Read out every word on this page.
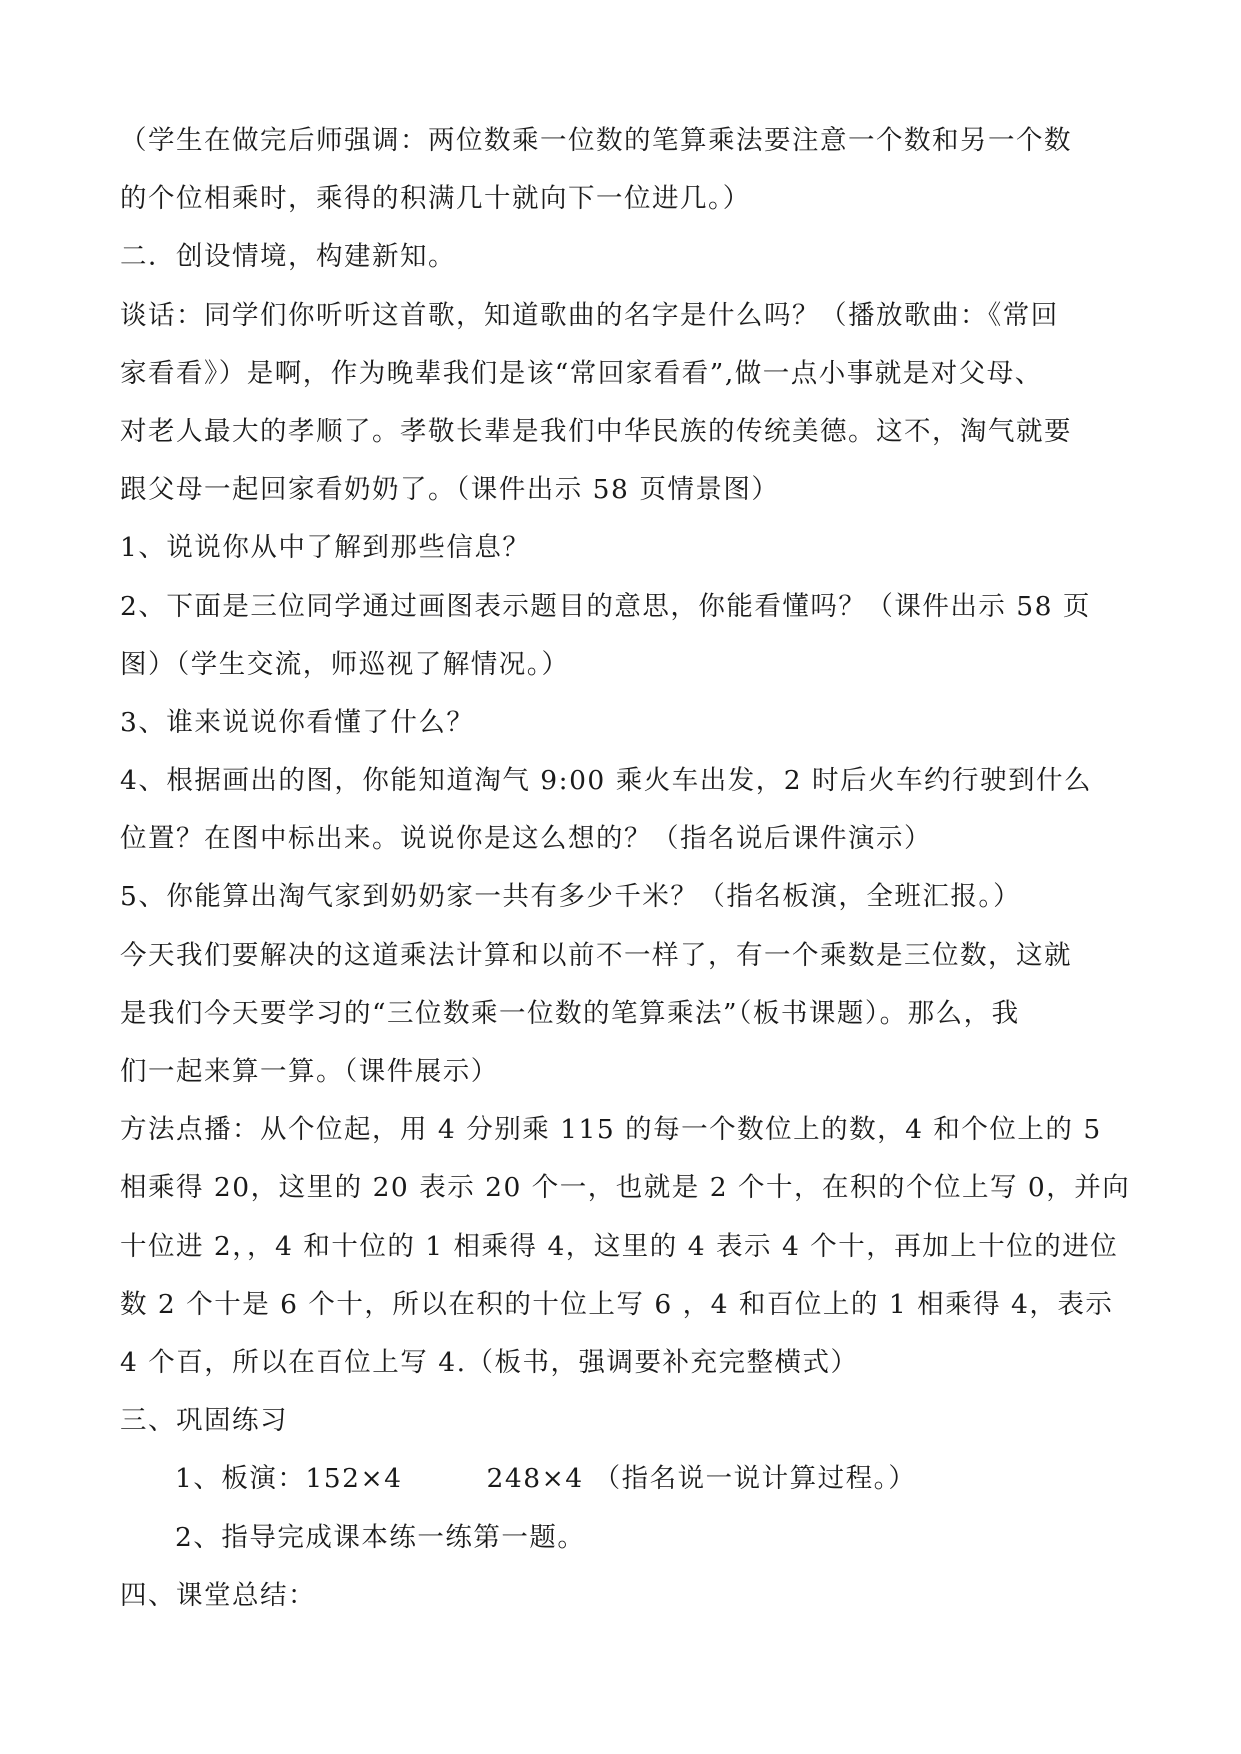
（学生在做完后师强调：两位数乘一位数的笔算乘法要注意一个数和另一个数
的个位相乘时，乘得的积满几十就向下一位进几。）
二．创设情境，构建新知。
谈话：同学们你听听这首歌，知道歌曲的名字是什么吗？（播放歌曲：《常回
家看看》）是啊，作为晚辈我们是该“常回家看看”,做一点小事就是对父母、
对老人最大的孝顺了。孝敬长辈是我们中华民族的传统美德。这不，淘气就要
跟父母一起回家看奶奶了。（课件出示 58 页情景图）
1、说说你从中了解到那些信息？
2、下面是三位同学通过画图表示题目的意思，你能看懂吗？（课件出示 58 页
图）（学生交流，师巡视了解情况。）
3、谁来说说你看懂了什么？
4、根据画出的图，你能知道淘气 9:00 乘火车出发，2 时后火车约行驶到什么
位置？在图中标出来。说说你是这么想的？（指名说后课件演示）
5、你能算出淘气家到奶奶家一共有多少千米？（指名板演，全班汇报。）
今天我们要解决的这道乘法计算和以前不一样了，有一个乘数是三位数，这就
是我们今天要学习的“三位数乘一位数的笔算乘法”（板书课题）。那么，我
们一起来算一算。（课件展示）
方法点播：从个位起，用 4 分别乘 115 的每一个数位上的数，4 和个位上的 5
相乘得 20，这里的 20 表示 20 个一，也就是 2 个十，在积的个位上写 0，并向
十位进 2，，4 和十位的 1 相乘得 4，这里的 4 表示 4 个十，再加上十位的进位
数 2 个十是 6 个十，所以在积的十位上写 6 ，4 和百位上的 1 相乘得 4，表示
4 个百，所以在百位上写 4.（板书，强调要补充完整横式）
三、巩固练习
1、板演：152×4　　　248×4 （指名说一说计算过程。）
2、指导完成课本练一练第一题。
四、课堂总结：
